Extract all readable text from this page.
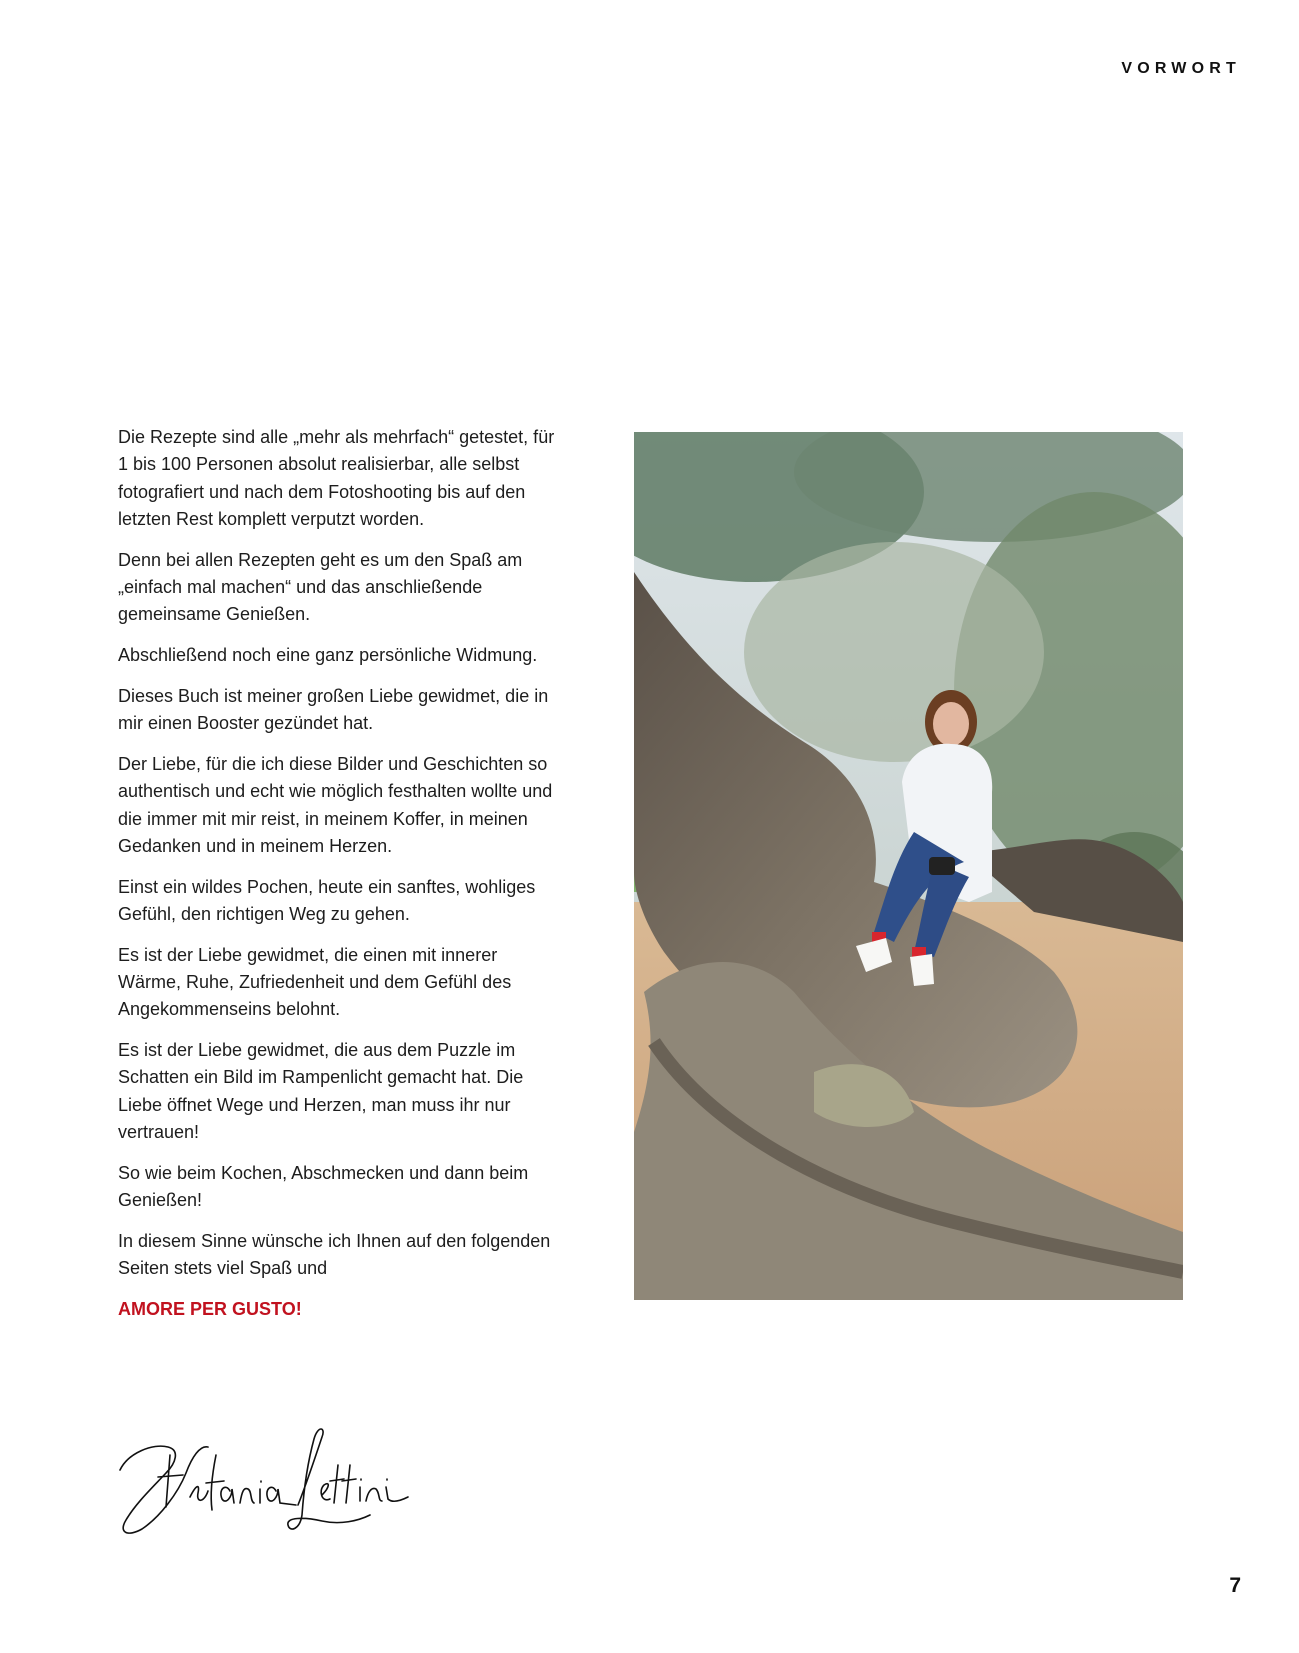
VORWORT

Die Rezepte sind alle „mehr als mehrfach“ getestet, für 1 bis 100 Personen absolut realisierbar, alle selbst fotografiert und nach dem Fotoshooting bis auf den letzten Rest komplett verputzt worden.

Denn bei allen Rezepten geht es um den Spaß am „einfach mal machen“ und das anschließende gemeinsame Genießen.

Abschließend noch eine ganz persönliche Widmung.

Dieses Buch ist meiner großen Liebe gewidmet, die in mir einen Booster gezündet hat.

Der Liebe, für die ich diese Bilder und Geschichten so authentisch und echt wie möglich festhalten wollte und die immer mit mir reist, in meinem Koffer, in meinen Gedanken und in meinem Herzen.

Einst ein wildes Pochen, heute ein sanftes, wohliges Gefühl, den richtigen Weg zu gehen.

Es ist der Liebe gewidmet, die einen mit innerer Wärme, Ruhe, Zufriedenheit und dem Gefühl des Angekommenseins belohnt.

Es ist der Liebe gewidmet, die aus dem Puzzle im Schatten ein Bild im Rampenlicht gemacht hat. Die Liebe öffnet Wege und Herzen, man muss ihr nur vertrauen!

So wie beim Kochen, Abschmecken und dann beim Genießen!

In diesem Sinne wünsche ich Ihnen auf den folgenden Seiten stets viel Spaß und

AMORE PER GUSTO!
7
